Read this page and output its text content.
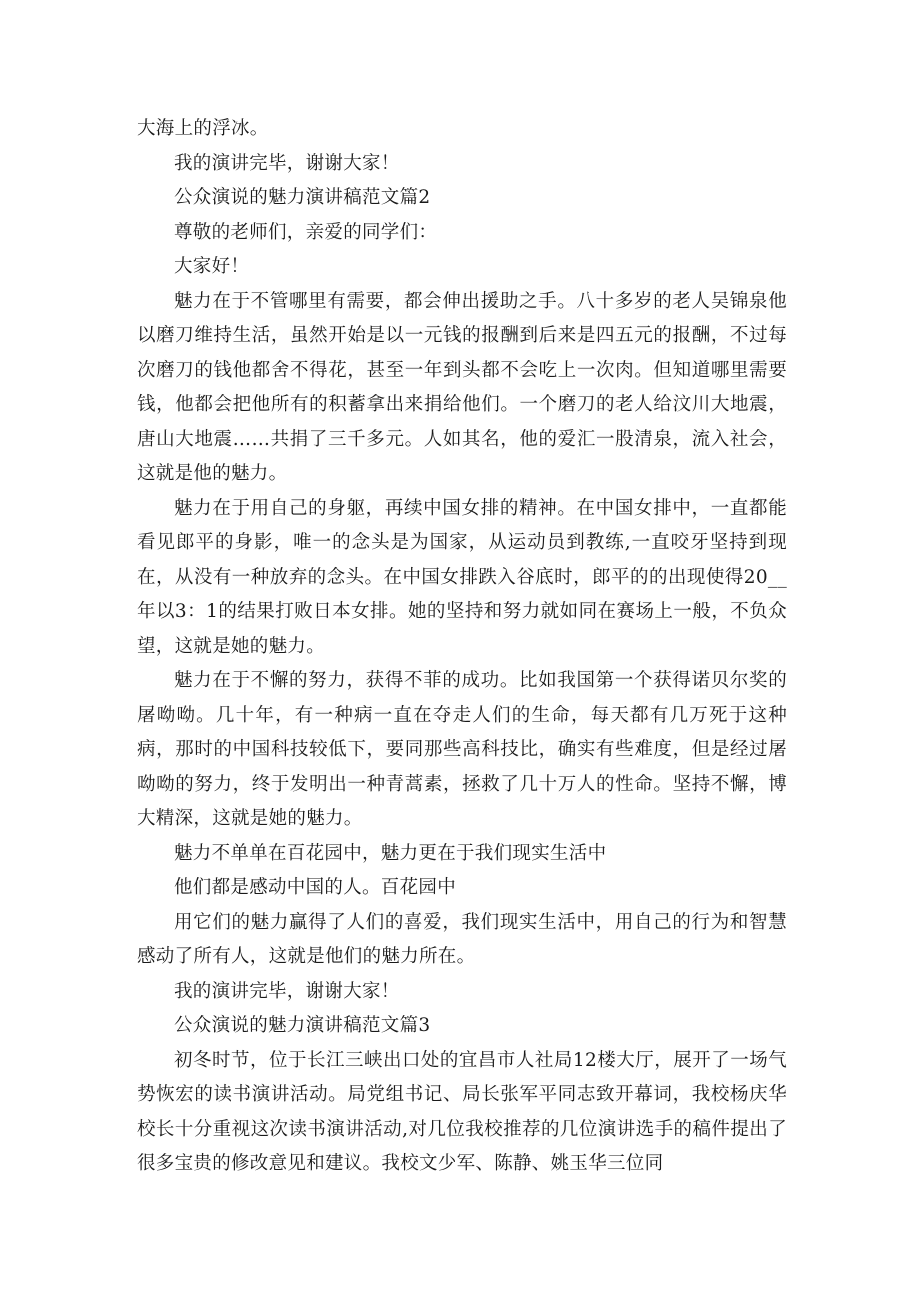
大海上的浮冰。

我的演讲完毕，谢谢大家！

公众演说的魅力演讲稿范文篇2

尊敬的老师们，亲爱的同学们：

大家好！

魅力在于不管哪里有需要，都会伸出援助之手。八十多岁的老人吴锦泉他以磨刀维持生活，虽然开始是以一元钱的报酬到后来是四五元的报酬，不过每次磨刀的钱他都舍不得花，甚至一年到头都不会吃上一次肉。但知道哪里需要钱，他都会把他所有的积蓄拿出来捐给他们。一个磨刀的老人给汶川大地震，唐山大地震……共捐了三千多元。人如其名，他的爱汇一股清泉，流入社会，这就是他的魅力。

魅力在于用自己的身躯，再续中国女排的精神。在中国女排中，一直都能看见郎平的身影，唯一的念头是为国家，从运动员到教练,一直咬牙坚持到现在，从没有一种放弃的念头。在中国女排跌入谷底时，郎平的的出现使得20__年以3：1的结果打败日本女排。她的坚持和努力就如同在赛场上一般，不负众望，这就是她的魅力。

魅力在于不懈的努力，获得不菲的成功。比如我国第一个获得诺贝尔奖的屠呦呦。几十年，有一种病一直在夺走人们的生命，每天都有几万死于这种病，那时的中国科技较低下，要同那些高科技比，确实有些难度，但是经过屠呦呦的努力，终于发明出一种青蒿素，拯救了几十万人的性命。坚持不懈，博大精深，这就是她的魅力。

魅力不单单在百花园中，魅力更在于我们现实生活中

他们都是感动中国的人。百花园中

用它们的魅力赢得了人们的喜爱，我们现实生活中，用自己的行为和智慧感动了所有人，这就是他们的魅力所在。

我的演讲完毕，谢谢大家！

公众演说的魅力演讲稿范文篇3

初冬时节，位于长江三峡出口处的宜昌市人社局12楼大厅，展开了一场气势恢宏的读书演讲活动。局党组书记、局长张军平同志致开幕词，我校杨庆华校长十分重视这次读书演讲活动,对几位我校推荐的几位演讲选手的稿件提出了很多宝贵的修改意见和建议。我校文少军、陈静、姚玉华三位同
